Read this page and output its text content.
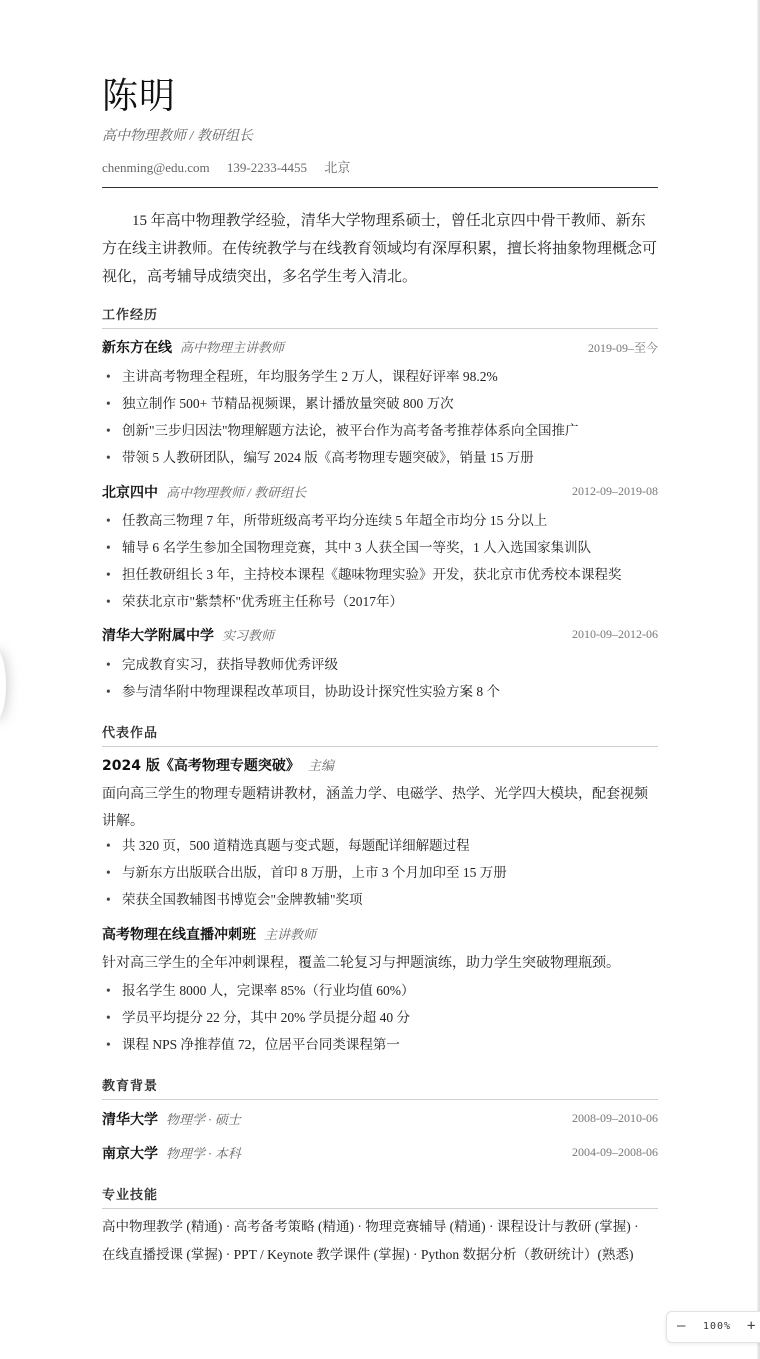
陈明
高中物理教师 / 教研组长
chenming@edu.com 139-2233-4455 北京
15 年高中物理教学经验，清华大学物理系硕士，曾任北京四中骨干教师、新东方在线主讲教师。在传统教学与在线教育领域均有深厚积累，擅长将抽象物理概念可视化，高考辅导成绩突出，多名学生考入清北。
工作经历
新东方在线 高中物理主讲教师	2019-09–至今
• 主讲高考物理全程班，年均服务学生 2 万人，课程好评率 98.2%
• 独立制作 500+ 节精品视频课，累计播放量突破 800 万次
• 创新"三步归因法"物理解题方法论，被平台作为高考备考推荐体系向全国推广
• 带领 5 人教研团队，编写 2024 版《高考物理专题突破》，销量 15 万册
北京四中 高中物理教师 / 教研组长	2012-09–2019-08
• 任教高三物理 7 年，所带班级高考平均分连续 5 年超全市均分 15 分以上
• 辅导 6 名学生参加全国物理竞赛，其中 3 人获全国一等奖，1 人入选国家集训队
• 担任教研组长 3 年，主持校本课程《趣味物理实验》开发，获北京市优秀校本课程奖
• 荣获北京市"紫禁杯"优秀班主任称号（2017年）
清华大学附属中学 实习教师	2010-09–2012-06
• 完成教育实习，获指导教师优秀评级
• 参与清华附中物理课程改革项目，协助设计探究性实验方案 8 个
代表作品
2024 版《高考物理专题突破》 主编
面向高三学生的物理专题精讲教材，涵盖力学、电磁学、热学、光学四大模块，配套视频讲解。
• 共 320 页，500 道精选真题与变式题，每题配详细解题过程
• 与新东方出版联合出版，首印 8 万册，上市 3 个月加印至 15 万册
• 荣获全国教辅图书博览会"金牌教辅"奖项
高考物理在线直播冲刺班 主讲教师
针对高三学生的全年冲刺课程，覆盖二轮复习与押题演练，助力学生突破物理瓶颈。
• 报名学生 8000 人，完课率 85%（行业均值 60%）
• 学员平均提分 22 分，其中 20% 学员提分超 40 分
• 课程 NPS 净推荐值 72，位居平台同类课程第一
教育背景
清华大学 物理学 · 硕士	2008-09–2010-06
南京大学 物理学 · 本科	2004-09–2008-06
专业技能
高中物理教学 (精通) · 高考备考策略 (精通) · 物理竞赛辅导 (精通) · 课程设计与教研 (掌握) ·
在线直播授课 (掌握) · PPT / Keynote 教学课件 (掌握) · Python 数据分析（教研统计）(熟悉)
— 100% +
